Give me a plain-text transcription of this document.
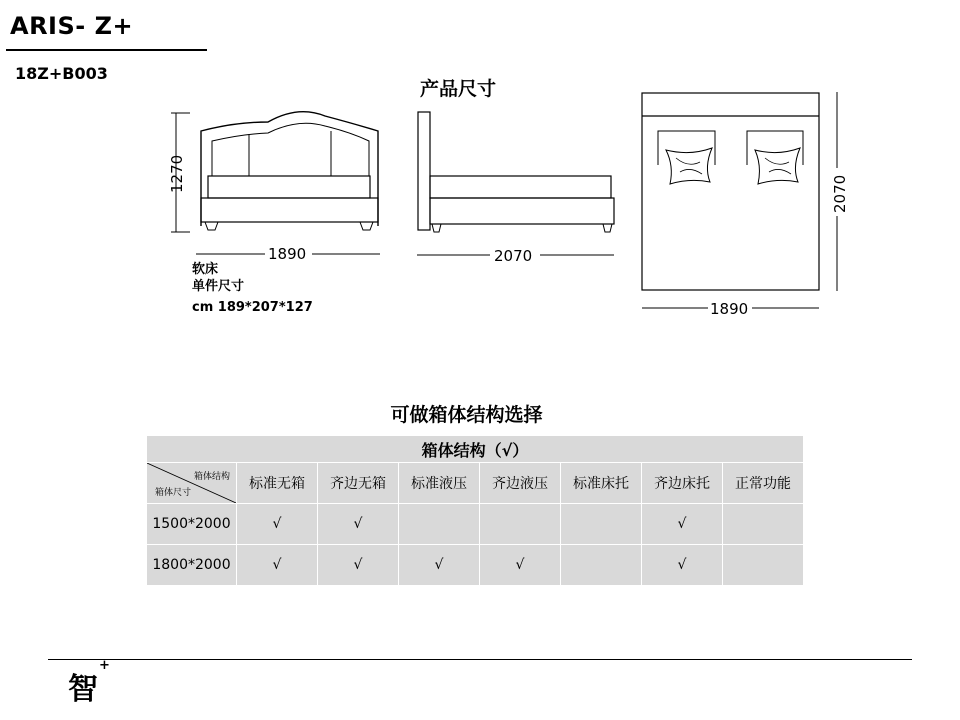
ARIS- Z+
18Z+B003
产品尺寸
1270
1890	2070
2070
1890
软床
单件尺寸
cm 189*207*127
可做箱体结构选择
箱体结构（√）							

箱体结构
箱体尺寸	标准无箱	齐边无箱	标准液压	齐边液压	标准床托	齐边床托	正常功能
1500*2000	√	√				√	
1800*2000	√	√	√	√		√	
智
+
